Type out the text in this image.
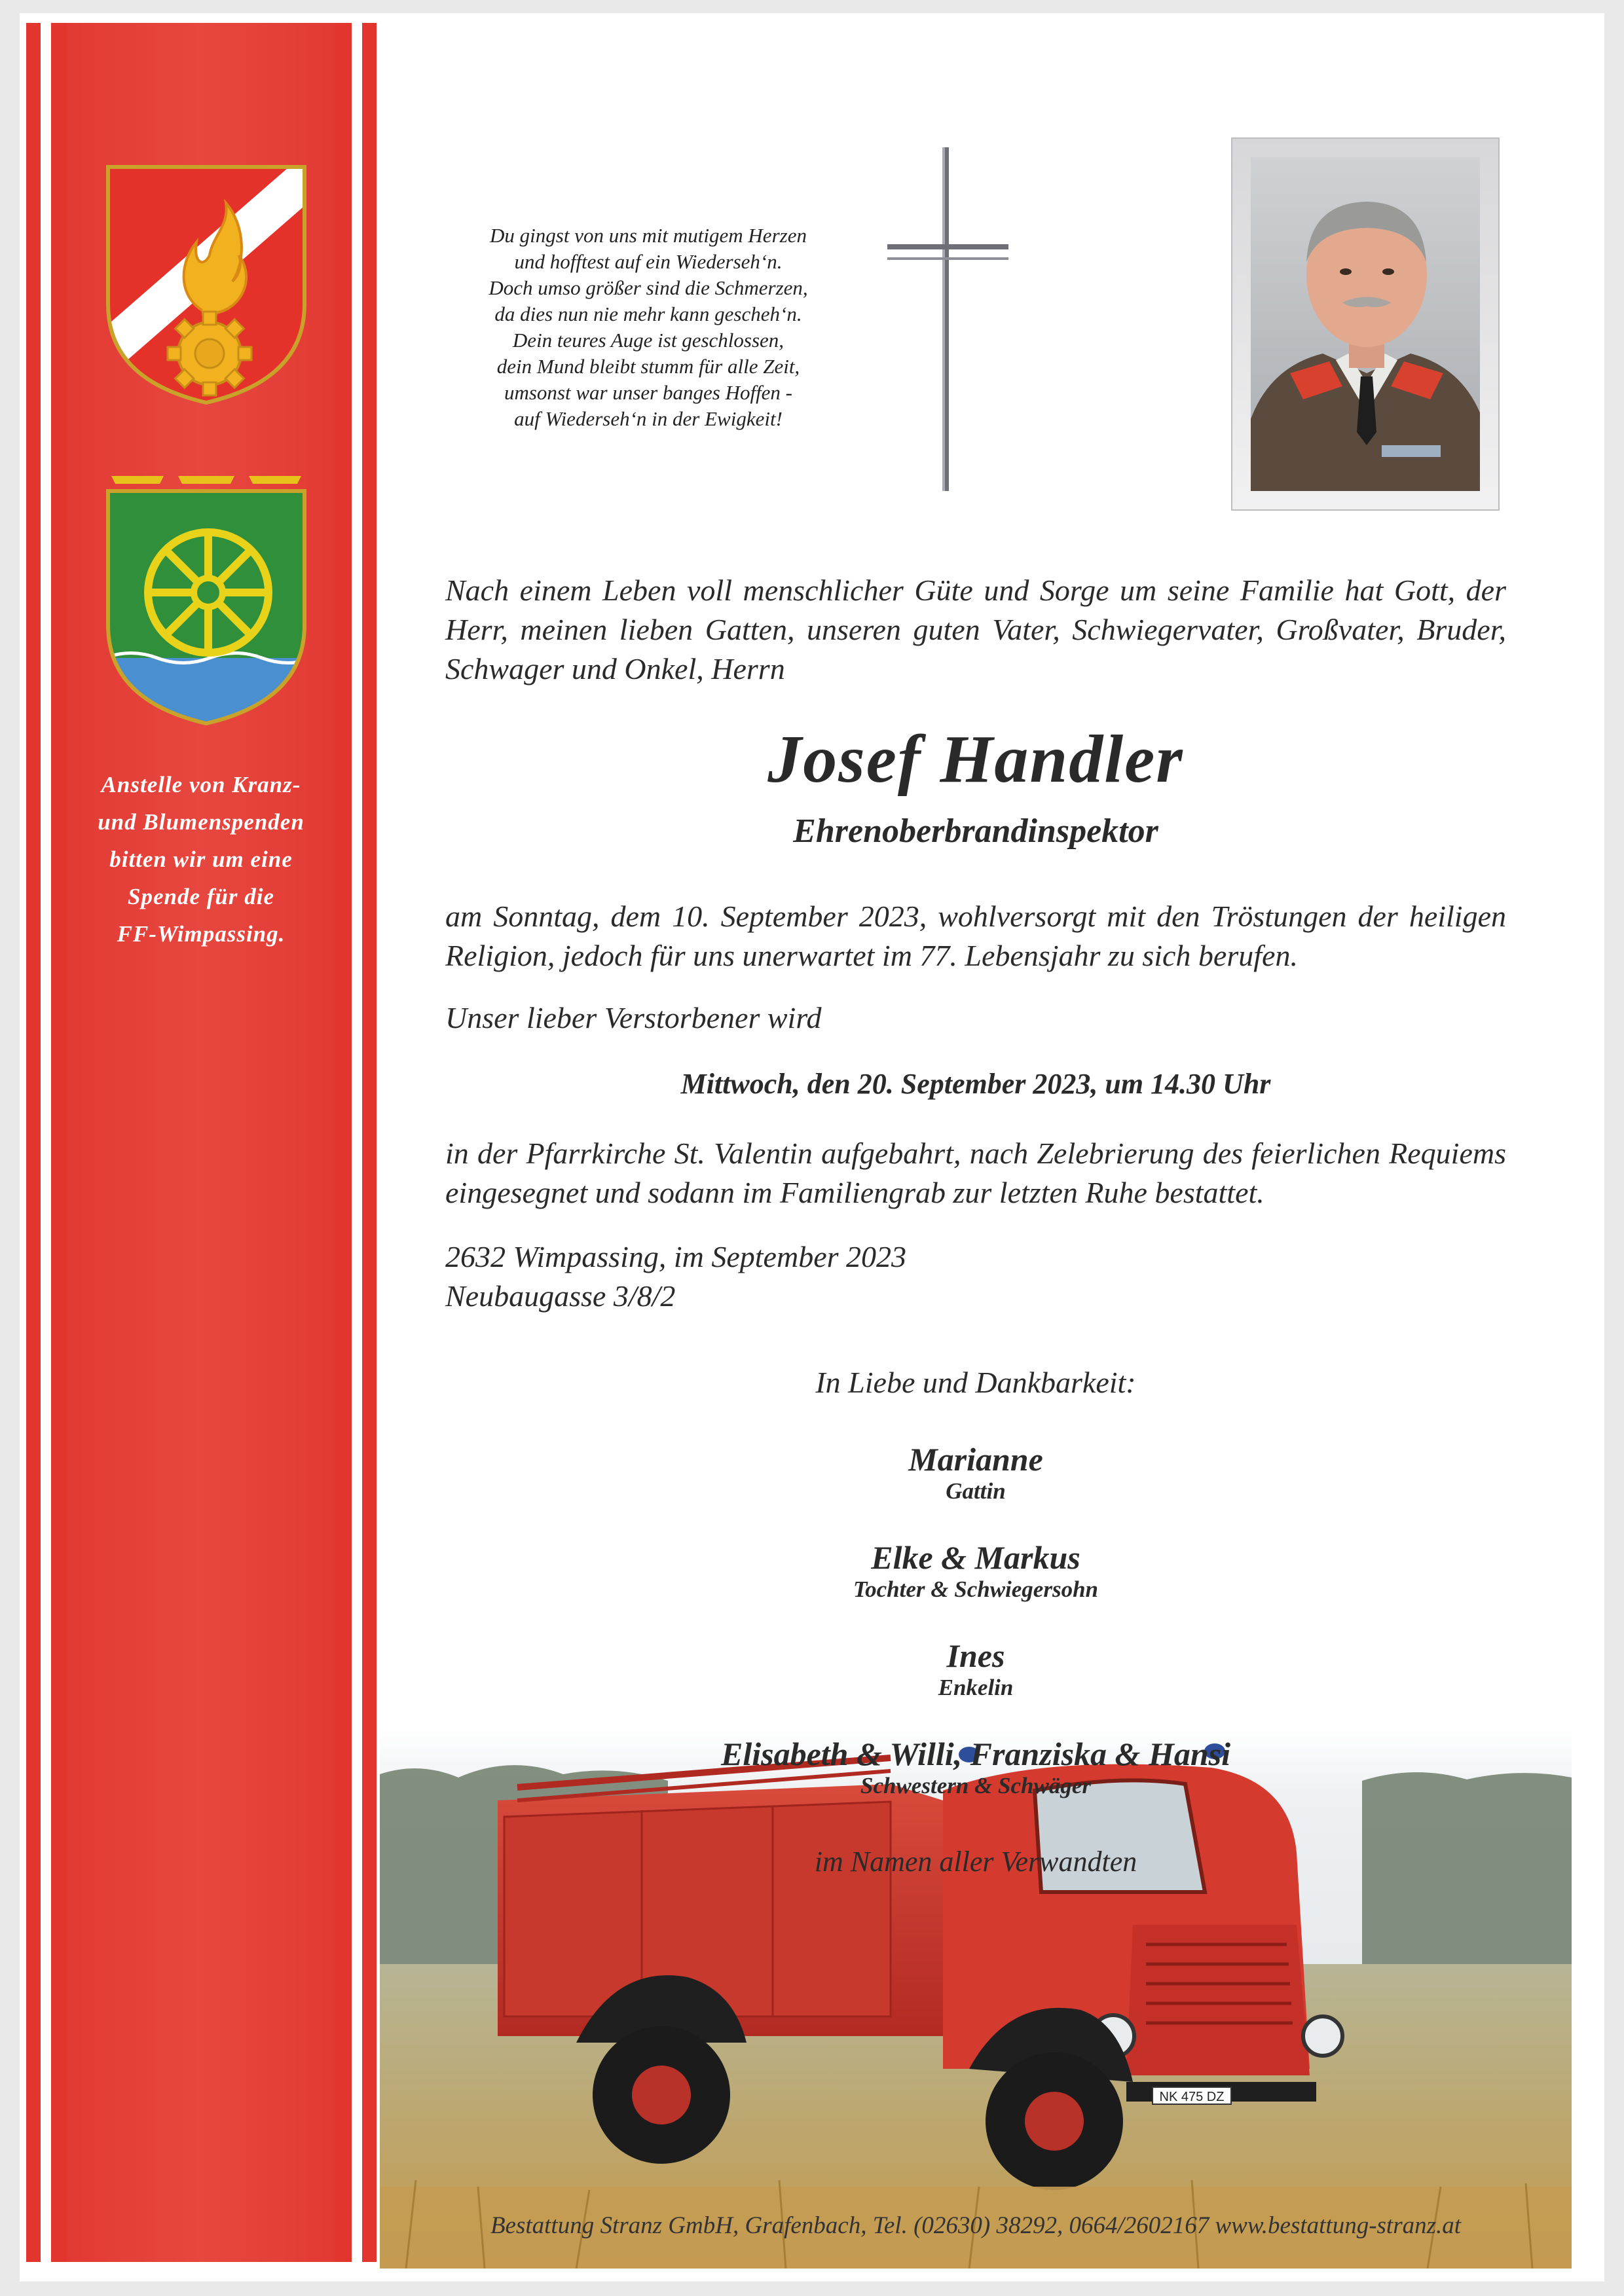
Anstelle von Kranz-
und Blumenspenden
bitten wir um eine
Spende für die
FF-Wimpassing.
Du gingst von uns mit mutigem Herzen
und hofftest auf ein Wiederseh‘n.
Doch umso größer sind die Schmerzen,
da dies nun nie mehr kann gescheh‘n.
Dein teures Auge ist geschlossen,
dein Mund bleibt stumm für alle Zeit,
umsonst war unser banges Hoffen -
auf Wiederseh‘n in der Ewigkeit!
Nach einem Leben voll menschlicher Güte und Sorge um seine Familie hat Gott, der Herr, meinen lieben Gatten, unseren guten Vater, Schwiegervater, Großvater, Bruder, Schwager und Onkel, Herrn
Josef Handler
Ehrenoberbrandinspektor
am Sonntag, dem 10. September 2023, wohlversorgt mit den Tröstungen der heiligen Religion, jedoch für uns unerwartet im 77. Lebensjahr zu sich berufen.
Unser lieber Verstorbener wird
Mittwoch, den 20. September 2023, um 14.30 Uhr
in der Pfarrkirche St. Valentin aufgebahrt, nach Zelebrierung des feierlichen Requiems eingesegnet und sodann im Familiengrab zur letzten Ruhe bestattet.
2632 Wimpassing, im September 2023
Neubaugasse 3/8/2
NK 475 DZ
In Liebe und Dankbarkeit:
Marianne
Gattin
Elke & Markus
Tochter & Schwiegersohn
Ines
Enkelin
Elisabeth & Willi, Franziska & Hansi
Schwestern & Schwäger
im Namen aller Verwandten
Bestattung Stranz GmbH, Grafenbach, Tel. (02630) 38292, 0664/2602167 www.bestattung-stranz.at
